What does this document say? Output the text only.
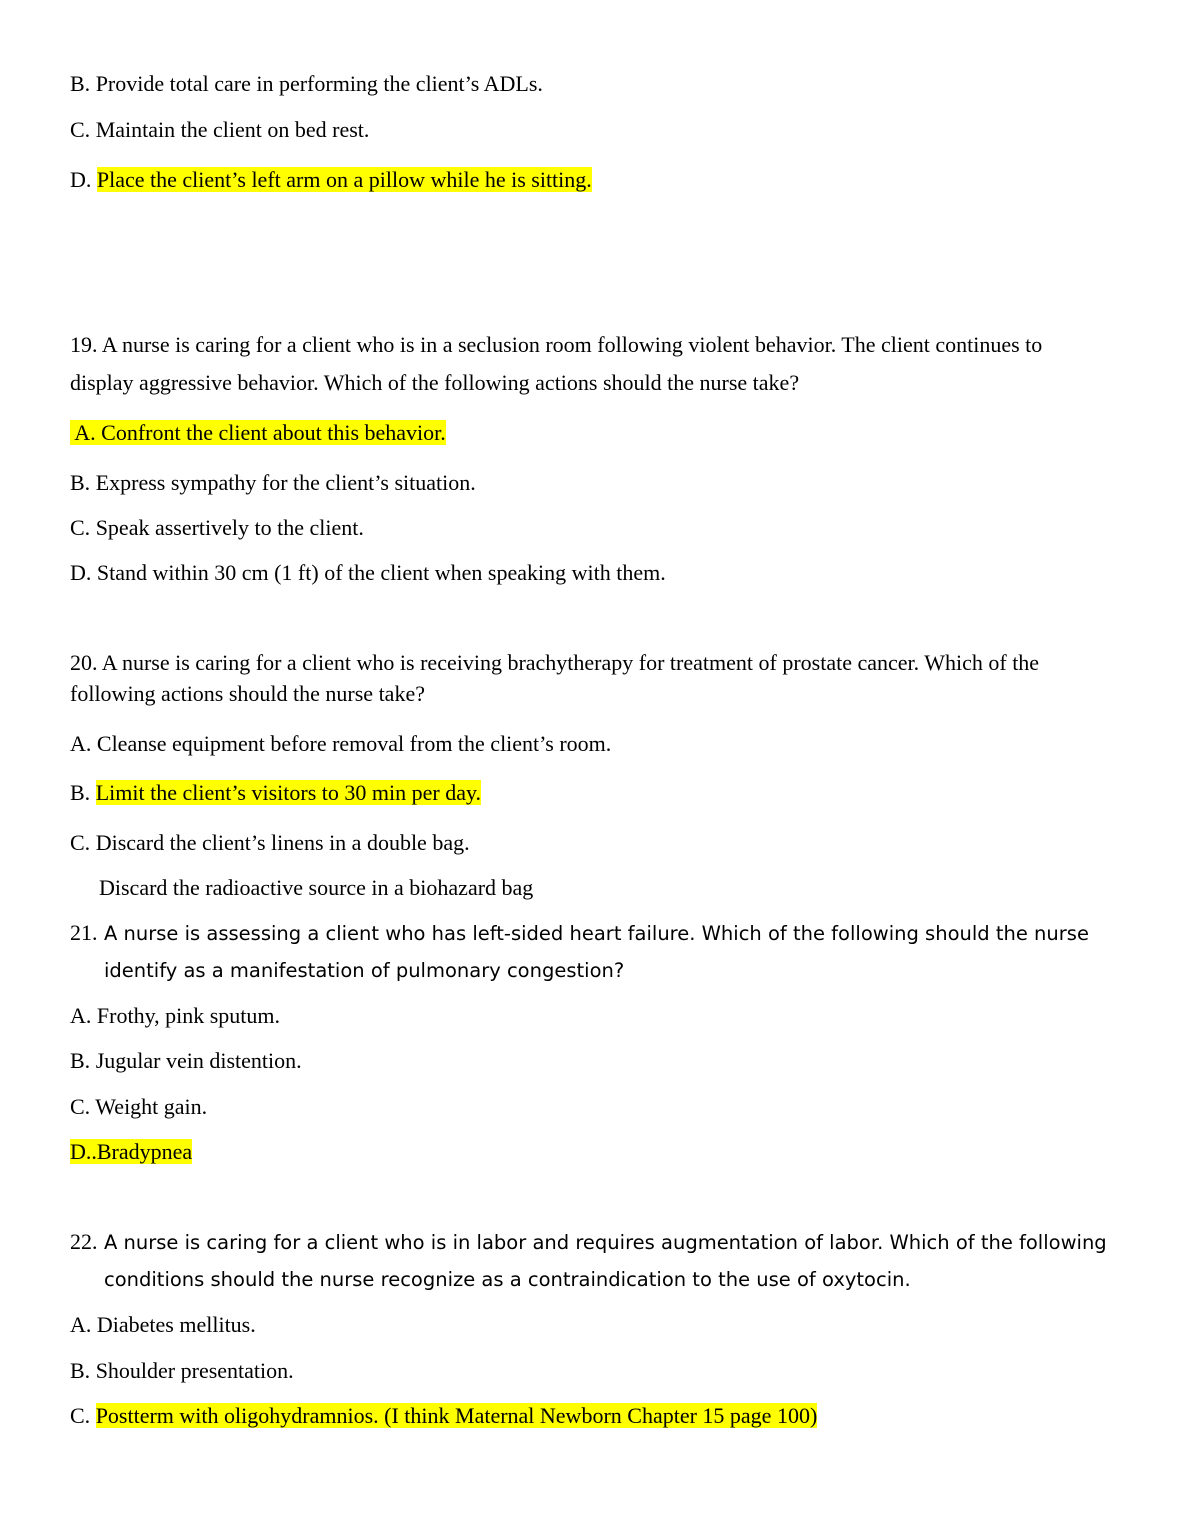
B. Provide total care in performing the client’s ADLs.
C. Maintain the client on bed rest.
D. Place the client’s left arm on a pillow while he is sitting.
19. A nurse is caring for a client who is in a seclusion room following violent behavior. The client continues to
display aggressive behavior. Which of the following actions should the nurse take?
A. Confront the client about this behavior.
B. Express sympathy for the client’s situation.
C. Speak assertively to the client.
D. Stand within 30 cm (1 ft) of the client when speaking with them.
20. A nurse is caring for a client who is receiving brachytherapy for treatment of prostate cancer. Which of the
following actions should the nurse take?
A. Cleanse equipment before removal from the client’s room.
B. Limit the client’s visitors to 30 min per day.
C. Discard the client’s linens in a double bag.
Discard the radioactive source in a biohazard bag
21. A nurse is assessing a client who has left-sided heart failure. Which of the following should the nurse
identify as a manifestation of pulmonary congestion?
A. Frothy, pink sputum.
B. Jugular vein distention.
C. Weight gain.
D..Bradypnea
22. A nurse is caring for a client who is in labor and requires augmentation of labor. Which of the following
conditions should the nurse recognize as a contraindication to the use of oxytocin.
A. Diabetes mellitus.
B. Shoulder presentation.
C. Postterm with oligohydramnios. (I think Maternal Newborn Chapter 15 page 100)
